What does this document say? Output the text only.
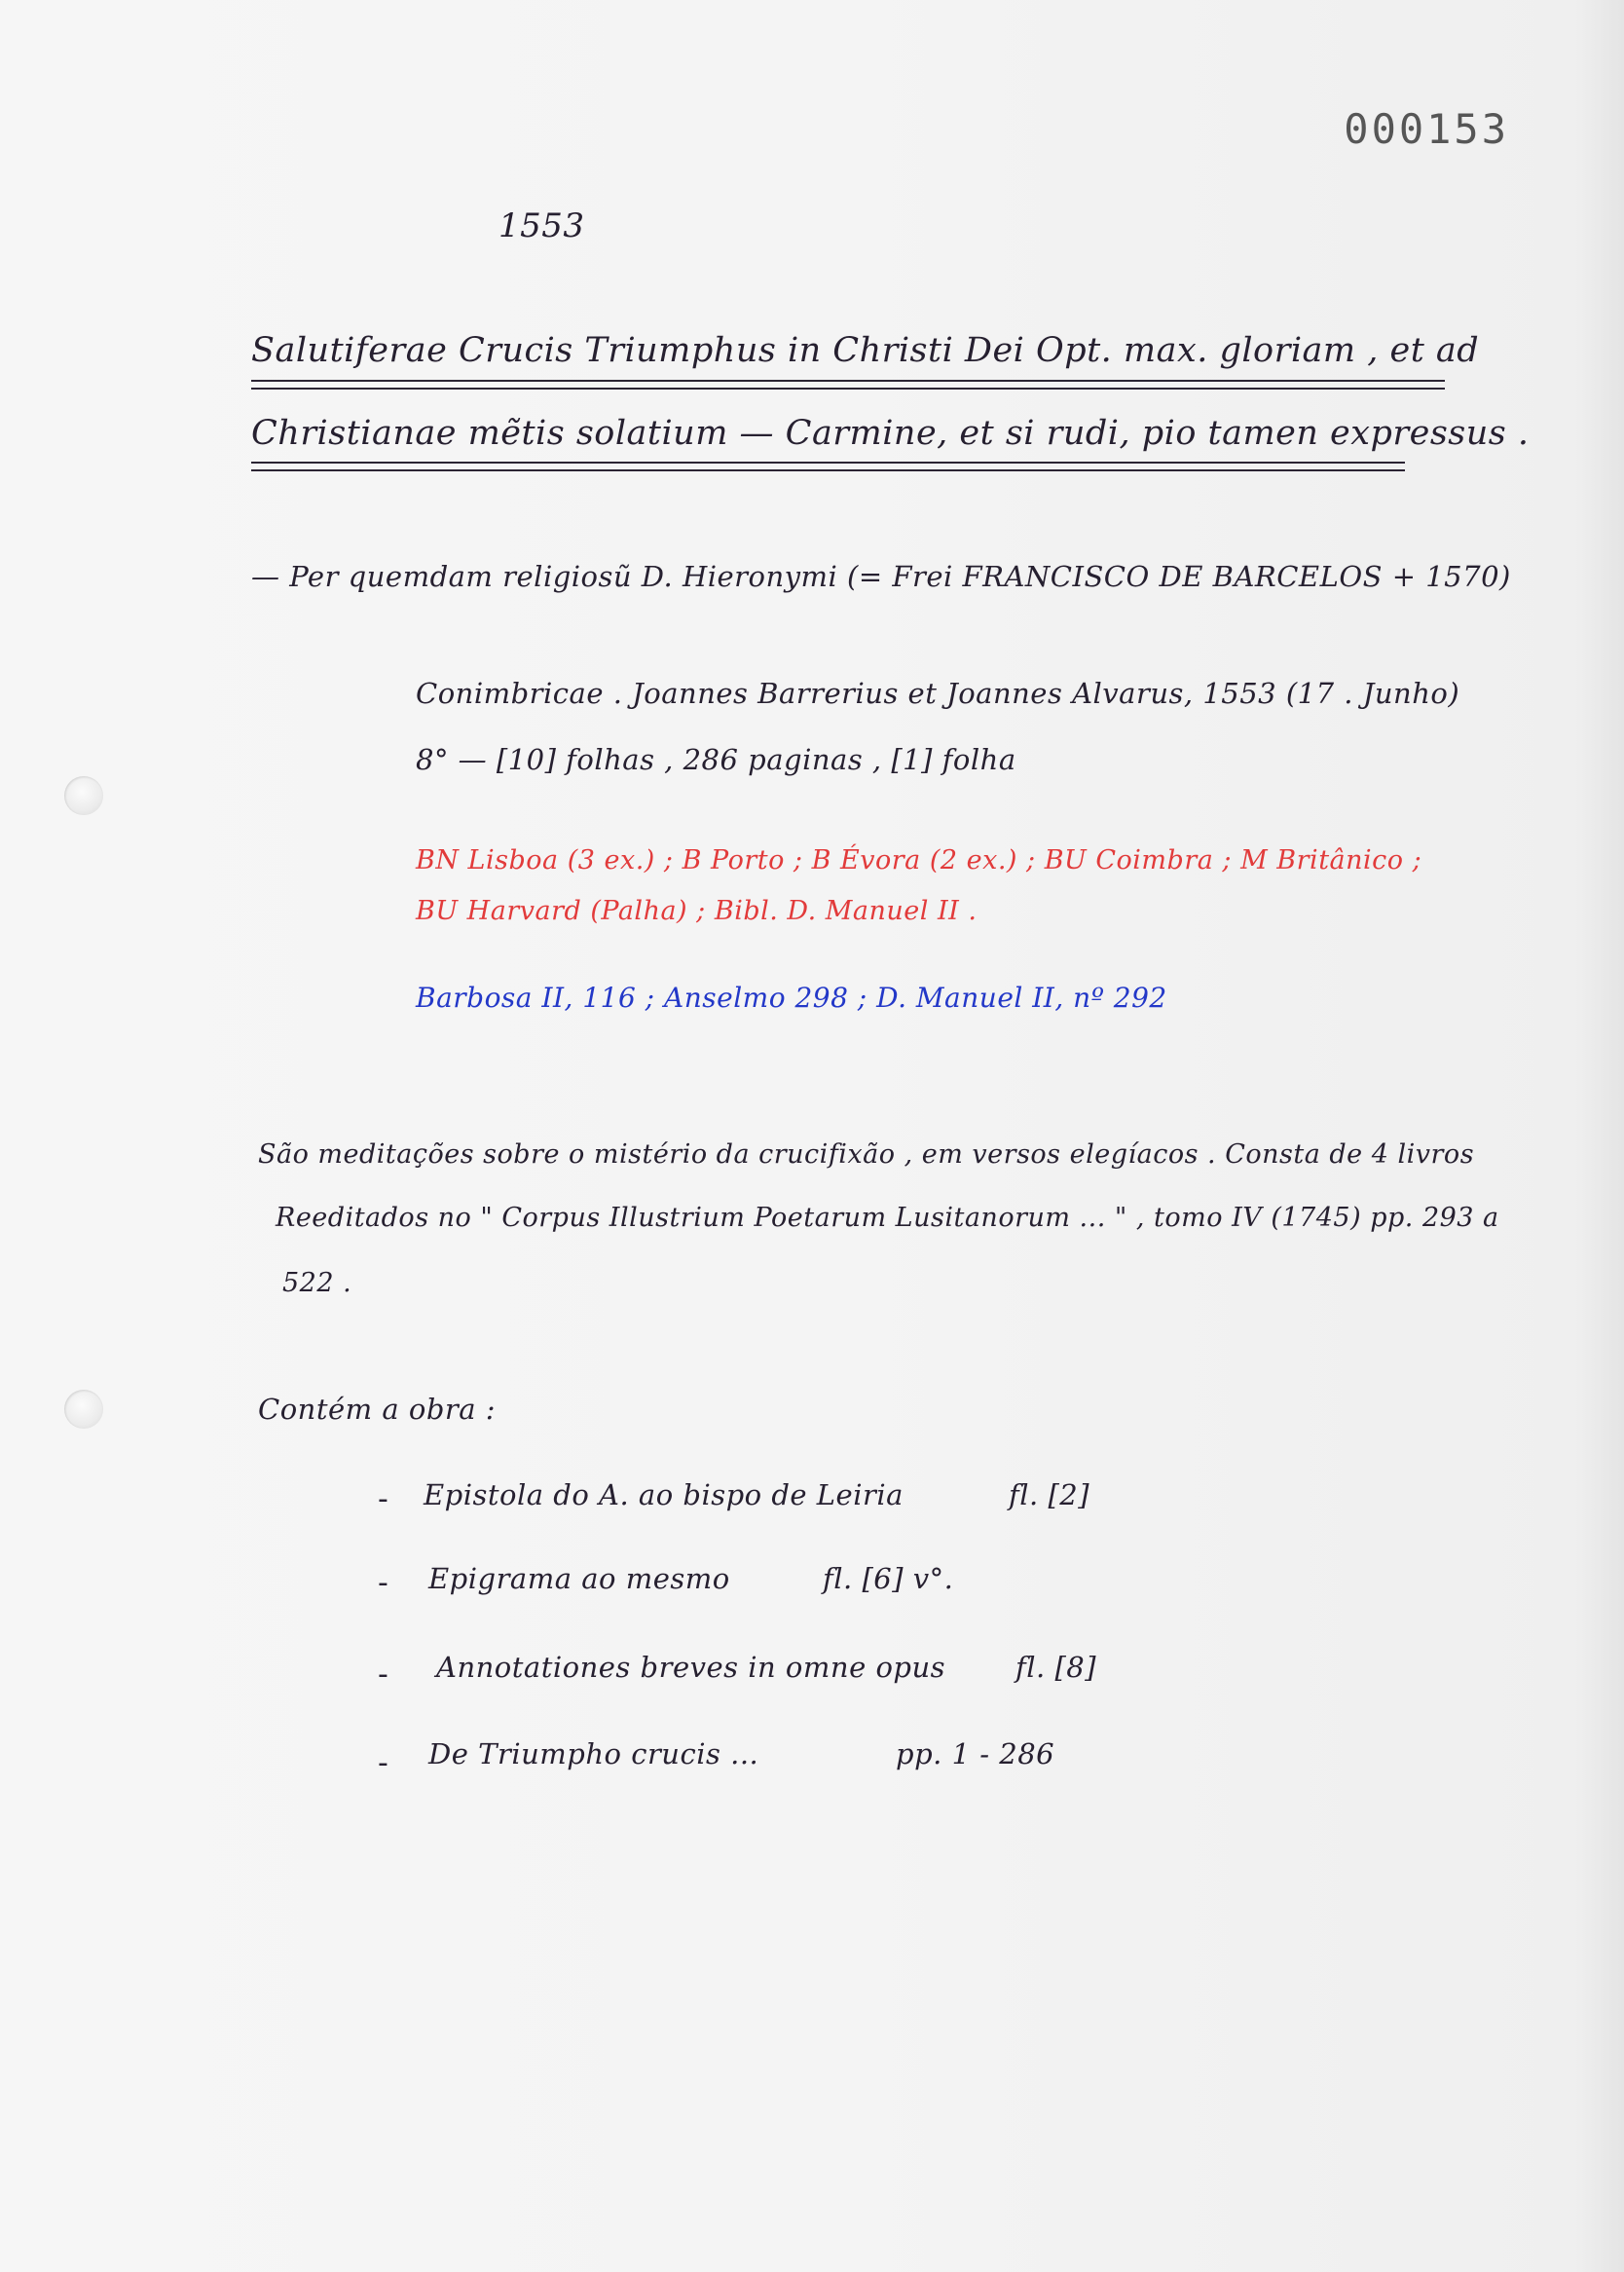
000153
1553
Salutiferae Crucis Triumphus in Christi Dei Opt. max. gloriam , et ad
Christianae mẽtis solatium — Carmine, et si rudi, pio tamen expressus .
— Per quemdam religiosũ D. Hieronymi (= Frei FRANCISCO DE BARCELOS + 1570)
Conimbricae . Joannes Barrerius et Joannes Alvarus, 1553 (17 . Junho)
8° — [10] folhas , 286 paginas , [1] folha
BN Lisboa (3 ex.) ; B Porto ; B Évora (2 ex.) ; BU Coimbra ; M Britânico ;
BU Harvard (Palha) ; Bibl. D. Manuel II .
Barbosa II, 116 ; Anselmo 298 ; D. Manuel II, nº 292
São meditações sobre o mistério da crucifixão , em versos elegíacos . Consta de 4 livros
Reeditados no " Corpus Illustrium Poetarum Lusitanorum ... " , tomo IV (1745) pp. 293 a
522 .
Contém a obra :
- Epistola do A. ao bispo de Leiria	fl. [2]
- Epigrama ao mesmo	fl. [6] v°.
- Annotationes breves in omne opus fl. [8]
- De Triumpho crucis ...	pp. 1 - 286
